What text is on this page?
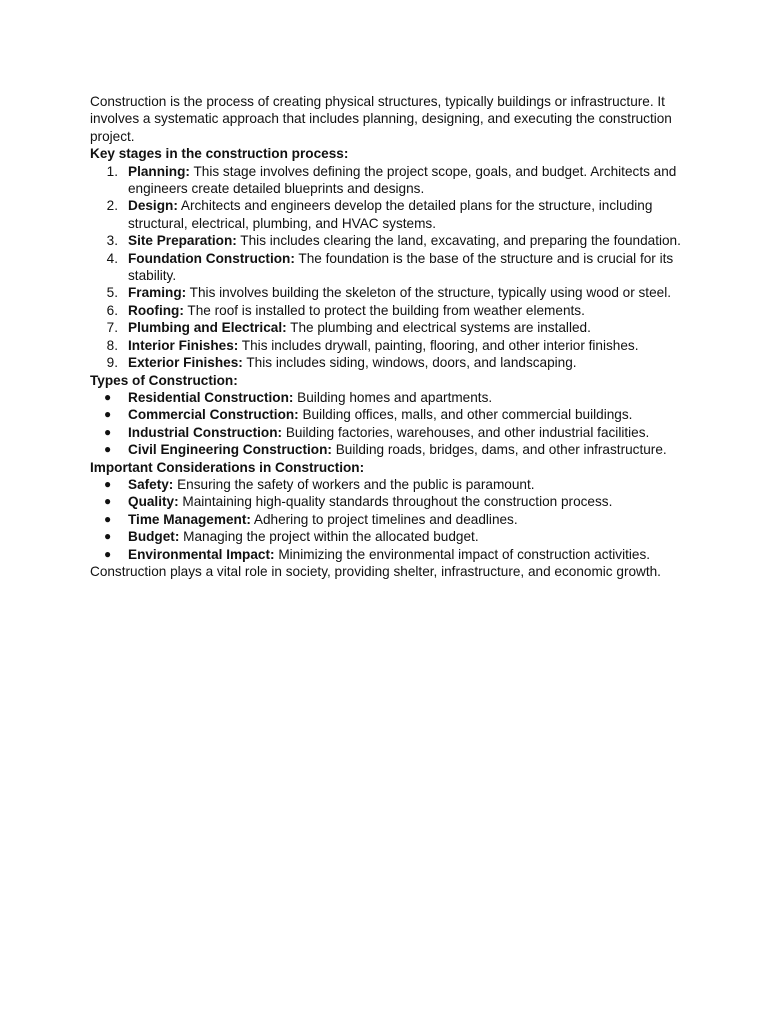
Construction is the process of creating physical structures, typically buildings or infrastructure. It involves a systematic approach that includes planning, designing, and executing the construction project.

Key stages in the construction process:

1. Planning: This stage involves defining the project scope, goals, and budget. Architects and engineers create detailed blueprints and designs.
2. Design: Architects and engineers develop the detailed plans for the structure, including structural, electrical, plumbing, and HVAC systems.
3. Site Preparation: This includes clearing the land, excavating, and preparing the foundation.
4. Foundation Construction: The foundation is the base of the structure and is crucial for its stability.
5. Framing: This involves building the skeleton of the structure, typically using wood or steel.
6. Roofing: The roof is installed to protect the building from weather elements.
7. Plumbing and Electrical: The plumbing and electrical systems are installed.
8. Interior Finishes: This includes drywall, painting, flooring, and other interior finishes.
9. Exterior Finishes: This includes siding, windows, doors, and landscaping.

Types of Construction:

● Residential Construction: Building homes and apartments.
● Commercial Construction: Building offices, malls, and other commercial buildings.
● Industrial Construction: Building factories, warehouses, and other industrial facilities.
● Civil Engineering Construction: Building roads, bridges, dams, and other infrastructure.

Important Considerations in Construction:

● Safety: Ensuring the safety of workers and the public is paramount.
● Quality: Maintaining high-quality standards throughout the construction process.
● Time Management: Adhering to project timelines and deadlines.
● Budget: Managing the project within the allocated budget.
● Environmental Impact: Minimizing the environmental impact of construction activities.

Construction plays a vital role in society, providing shelter, infrastructure, and economic growth.
